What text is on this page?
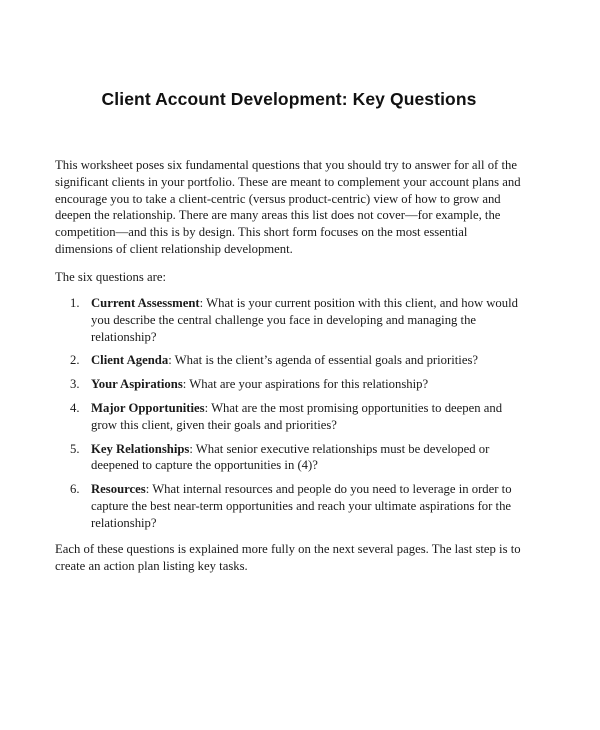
Client Account Development: Key Questions
This worksheet poses six fundamental questions that you should try to answer for all of the significant clients in your portfolio. These are meant to complement your account plans and encourage you to take a client-centric (versus product-centric) view of how to grow and deepen the relationship. There are many areas this list does not cover—for example, the competition—and this is by design. This short form focuses on the most essential dimensions of client relationship development.
The six questions are:
1. Current Assessment: What is your current position with this client, and how would you describe the central challenge you face in developing and managing the relationship?
2. Client Agenda: What is the client’s agenda of essential goals and priorities?
3. Your Aspirations: What are your aspirations for this relationship?
4. Major Opportunities: What are the most promising opportunities to deepen and grow this client, given their goals and priorities?
5. Key Relationships: What senior executive relationships must be developed or deepened to capture the opportunities in (4)?
6. Resources: What internal resources and people do you need to leverage in order to capture the best near-term opportunities and reach your ultimate aspirations for the relationship?
Each of these questions is explained more fully on the next several pages. The last step is to create an action plan listing key tasks.
